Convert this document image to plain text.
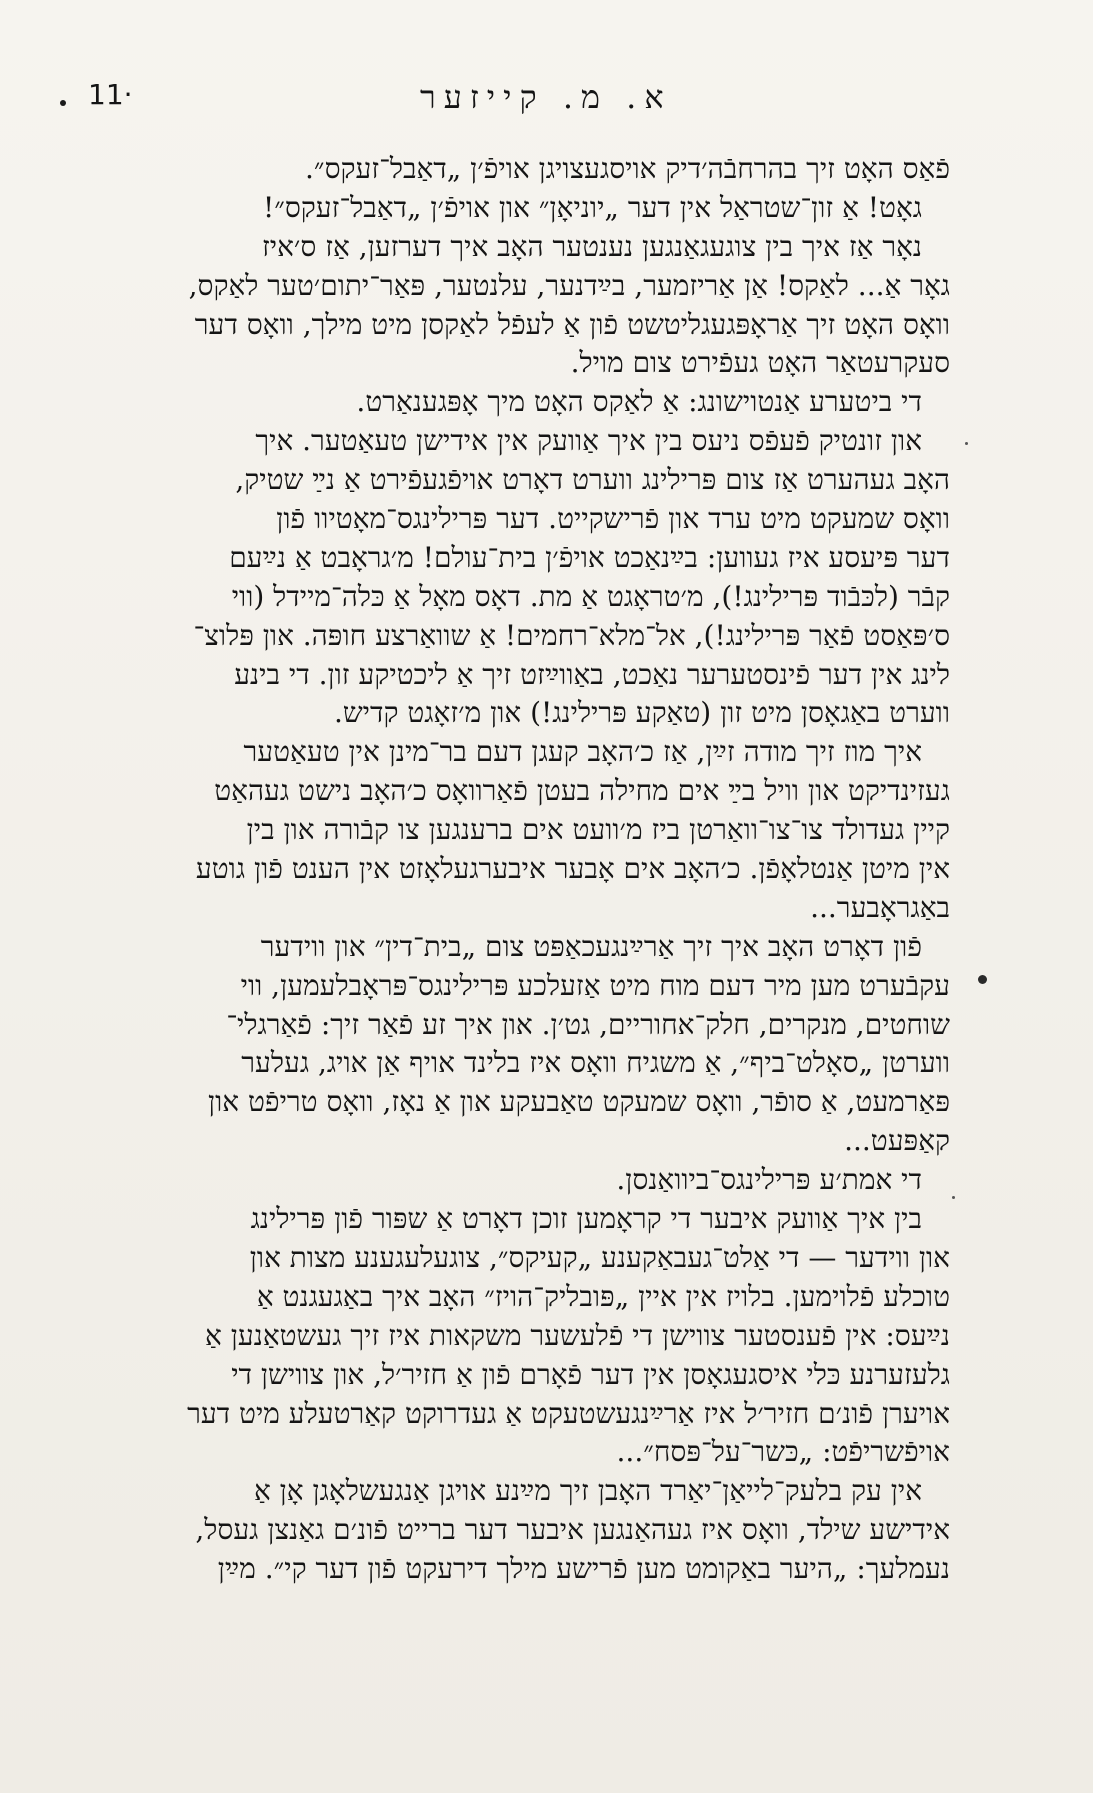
11·	א. מ. קייזער
פֿאַס האָט זיך בהרחבֿה׳דיק אויסגעצויגן אויפֿ׳ן „דאַבל־זעקס״.
גאָט! אַ זון־שטראַל אין דער „יוניאָן״ און אויפֿ׳ן „דאַבל־זעקס״!
נאָר אַז איך בין צוגעגאַנגען נענטער האָב איך דערזען, אַז ס׳איז
גאָר אַ... לאַקס! אַן אַריזמער, בײַדנער, עלנטער, פּאַר־יתום׳טער לאַקס,
וואָס האָט זיך אַראָפּגעגליטשט פֿון אַ לעפֿל לאַקסן מיט מילך, וואָס דער
סעקרעטאַר האָט געפֿירט צום מויל.
די ביטערע אַנטוישונג: אַ לאַקס האָט מיך אָפּגענאַרט.
און זונטיק פֿעפֿס ניעס בין איך אַוועק אין אידישן טעאַטער. איך
האָב געהערט אַז צום פּרילינג ווערט דאָרט אויפֿגעפֿירט אַ נײַ שטיק,
וואָס שמעקט מיט ערד און פֿרישקייט. דער פּרילינגס־מאָטיוו פֿון
דער פּיעסע איז געווען: בײַנאַכט אויפֿ׳ן בית־עולם! מ׳גראָבט אַ נײַעם
קבֿר (לכּבֿוד פּרילינג!), מ׳טראָגט אַ מת. דאָס מאָל אַ כּלה־מיידל (ווי
ס׳פּאַסט פֿאַר פּרילינג!), אל־מלא־רחמים! אַ שוואַרצע חופּה. און פּלוצ־
לינג אין דער פֿינסטערער נאַכט, באַווײַזט זיך אַ ליכטיקע זון. די בינע
ווערט באַגאָסן מיט זון (טאַקע פּרילינג!) און מ׳זאָגט קדיש.
איך מוז זיך מודה זײַן, אַז כ׳האָב קעגן דעם בר־מינן אין טעאַטער
געזינדיקט און וויל בײַ אים מחילה בעטן פֿאַרוואָס כ׳האָב נישט געהאַט
קיין געדולד צו־צו־וואַרטן ביז מ׳וועט אים ברענגען צו קבֿורה און בין
אין מיטן אַנטלאָפֿן. כ׳האָב אים אָבער איבערגעלאָזט אין הענט פֿון גוטע
באַגראָבער...
פֿון דאָרט האָב איך זיך אַרײַנגעכאַפּט צום „בית־דין״ און ווידער
עקבֿערט מען מיר דעם מוח מיט אַזעלכע פּרילינגס־פּראָבלעמען, ווי
שוחטים, מנקרים, חלק־אחוריים, גט׳ן. און איך זע פֿאַר זיך: פֿאַרגלי־
ווערטן „סאָלט־ביף״, אַ משגיח וואָס איז בלינד אויף אַן אויג, געלער
פּאַרמעט, אַ סופֿר, וואָס שמעקט טאַבעקע און אַ נאָז, וואָס טריפֿט און
קאַפּעט...
די אמת׳ע פּרילינגס־ביוואַנסן.
בין איך אַוועק איבער די קראָמען זוכן דאָרט אַ שפּור פֿון פּרילינג
און ווידער — די אַלט־געבאַקענע „קעיקס״, צוגעלעגענע מצות און
טוכלע פֿלוימען. בלויז אין איין „פּובליק־הויז״ האָב איך באַגעגנט אַ
נײַעס: אין פֿענסטער צווישן די פֿלעשער משקאות איז זיך געשטאַנען אַ
גלעזערנע כּלי איסגעגאָסן אין דער פֿאָרם פֿון אַ חזיר׳ל, און צווישן די
אויערן פֿונ׳ם חזיר׳ל איז אַרײַנגעשטעקט אַ געדרוקט קאַרטעלע מיט דער
אויפֿשריפֿט: „כּשר־על־פּסח״...
אין עק בלעק־לייאַן־יאַרד האָבן זיך מײַנע אויגן אַנגעשלאָגן אָן אַ
אידישע שילד, וואָס איז געהאַנגען איבער דער ברייט פֿונ׳ם גאַנצן געסל,
נעמלעך: „היער באַקומט מען פֿרישע מילך דירעקט פֿון דער קי״. מײַן
